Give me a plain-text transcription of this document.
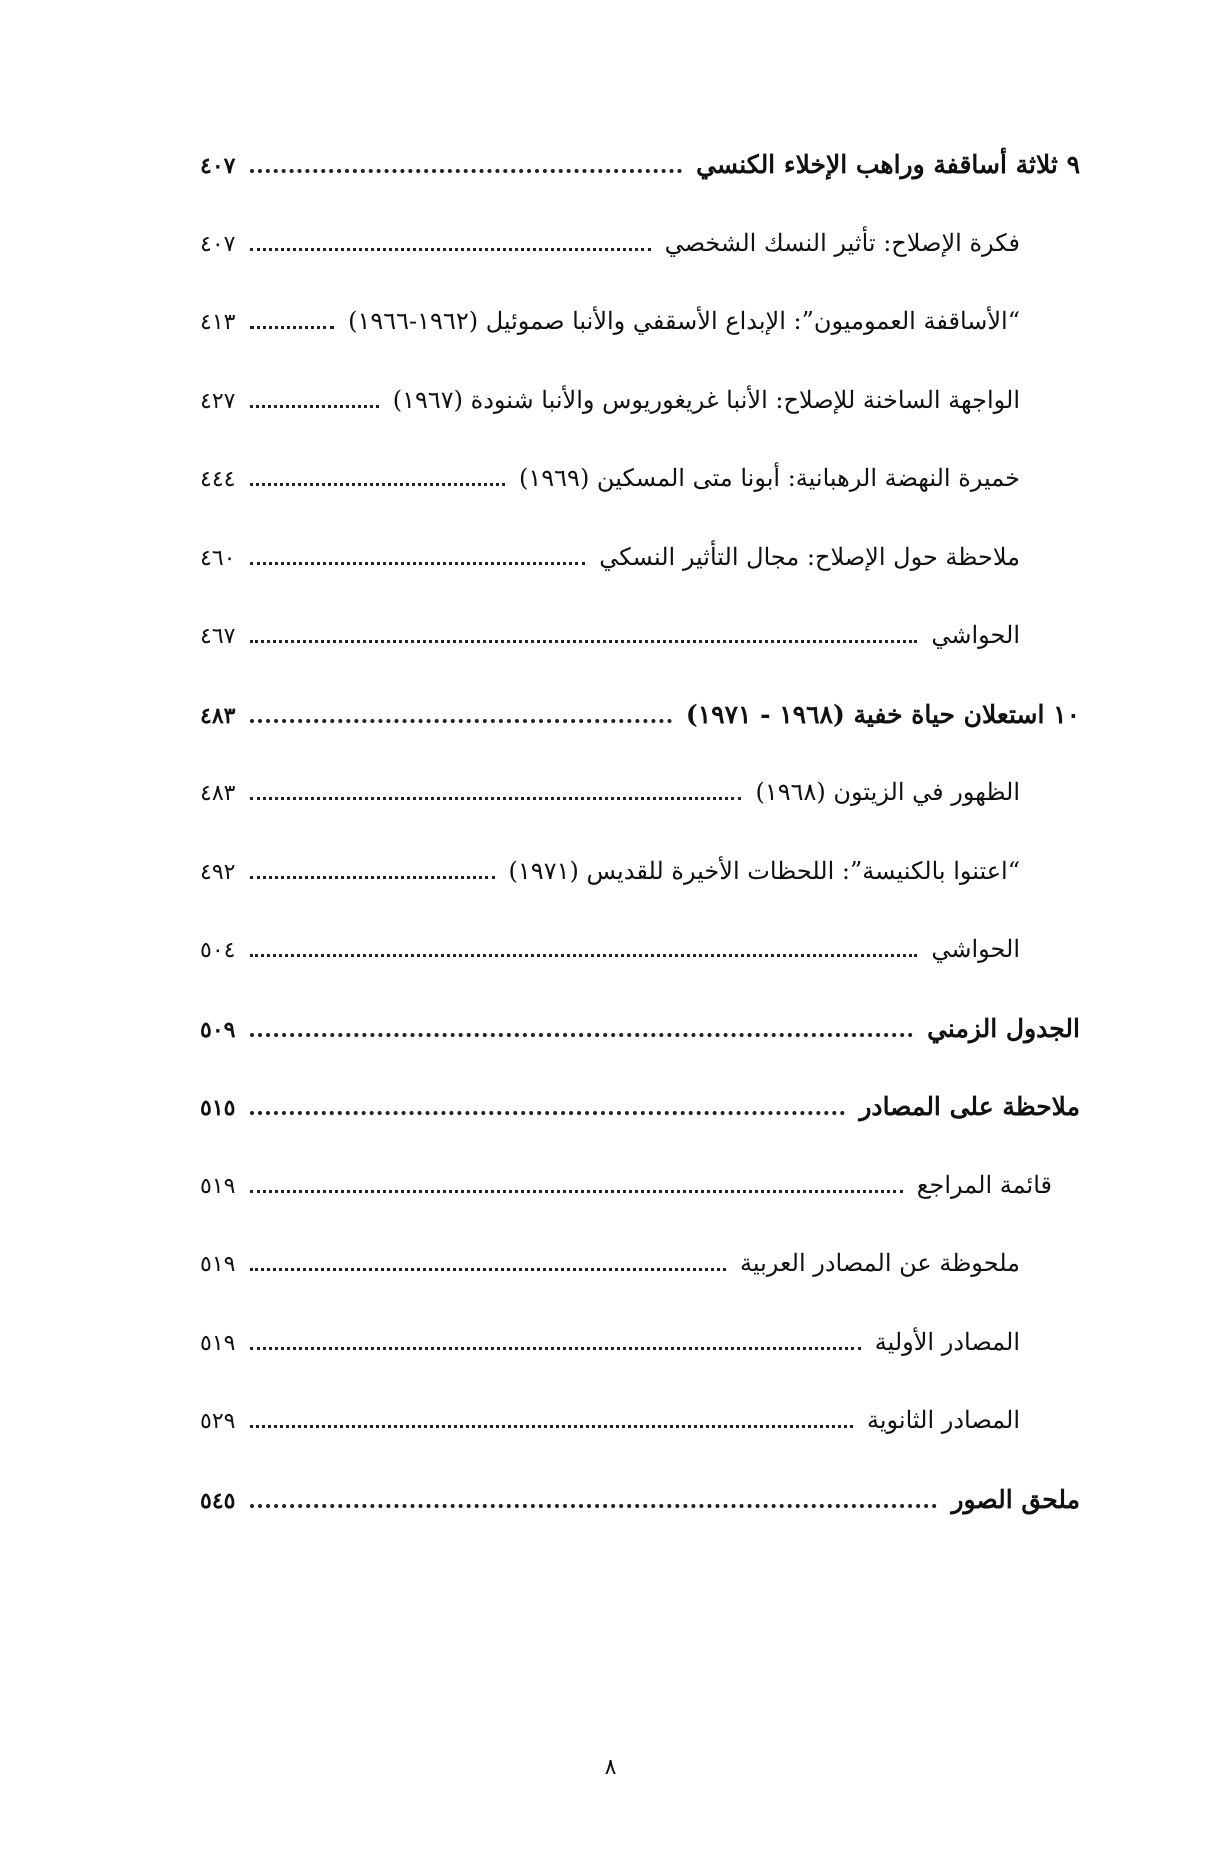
٩ ثلاثة أساقفة وراهب الإخلاء الكنسي
٤٠٧
فكرة الإصلاح: تأثير النسك الشخصي
٤٠٧
“الأساقفة العموميون”: الإبداع الأسقفي والأنبا صموئيل (١٩٦٢-١٩٦٦)
٤١٣
الواجهة الساخنة للإصلاح: الأنبا غريغوريوس والأنبا شنودة (١٩٦٧)
٤٢٧
خميرة النهضة الرهبانية: أبونا متى المسكين (١٩٦٩)
٤٤٤
ملاحظة حول الإصلاح: مجال التأثير النسكي
٤٦٠
الحواشي
٤٦٧
١٠ استعلان حياة خفية (١٩٦٨ - ١٩٧١)
٤٨٣
الظهور في الزيتون (١٩٦٨)
٤٨٣
“اعتنوا بالكنيسة”: اللحظات الأخيرة للقديس (١٩٧١)
٤٩٢
الحواشي
٥٠٤
الجدول الزمني
٥٠٩
ملاحظة على المصادر
٥١٥
قائمة المراجع
٥١٩
ملحوظة عن المصادر العربية
٥١٩
المصادر الأولية
٥١٩
المصادر الثانوية
٥٢٩
ملحق الصور
٥٤٥
٨
